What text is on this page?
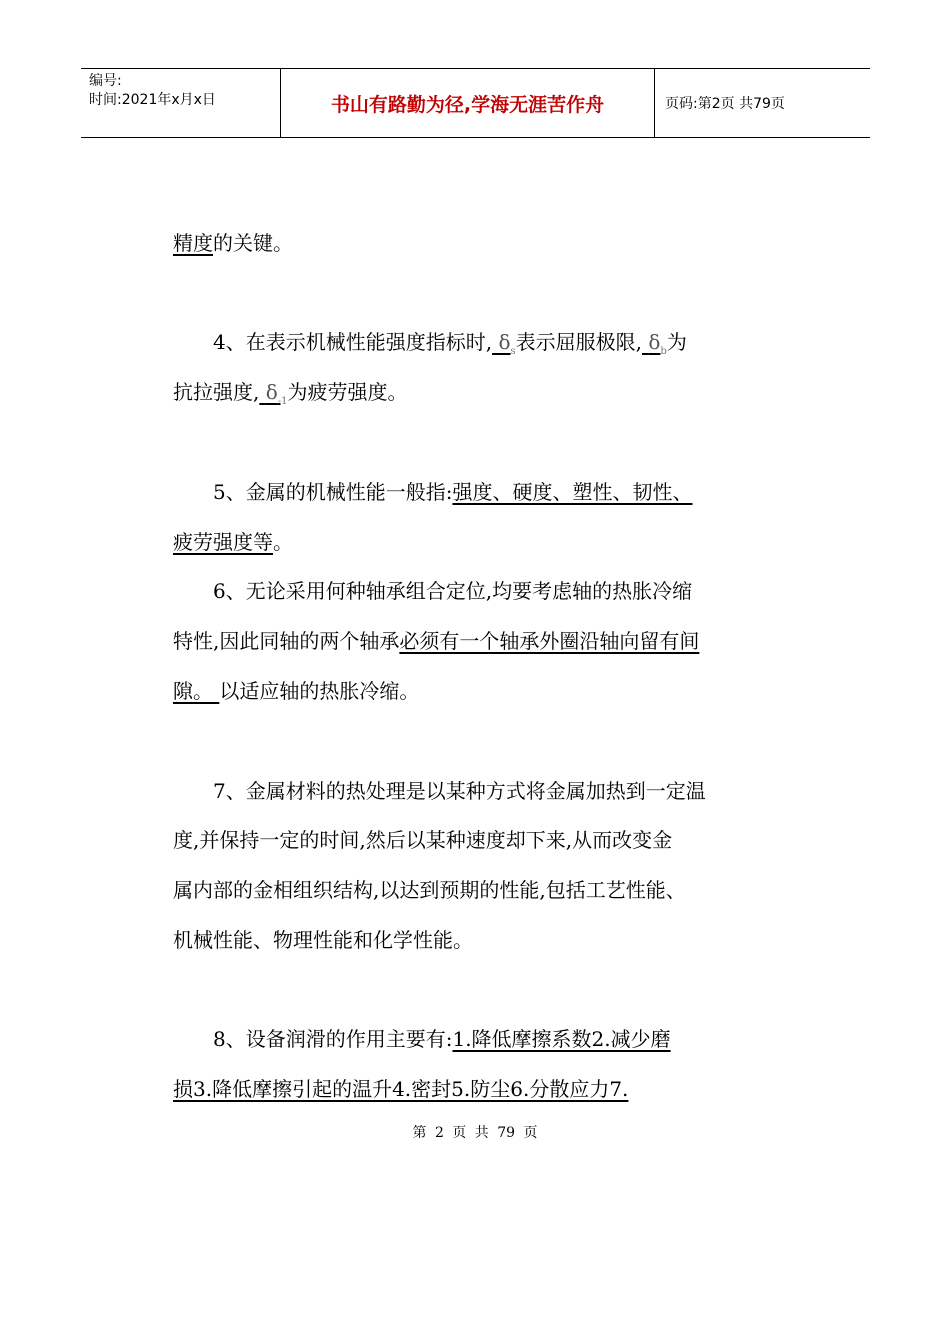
编号:
时间:2021年x月x日	书山有路勤为径,学海无涯苦作舟	页码:第2页 共79页
精度的关键。
4、在表示机械性能强度指标时, $\delta_s$表示屈服极限, $\delta_b$为
抗拉强度, $\delta_{-1}$为疲劳强度。
5、金属的机械性能一般指:强度、硬度、塑性、韧性、
疲劳强度等。
6、无论采用何种轴承组合定位,均要考虑轴的热胀冷缩
特性,因此同轴的两个轴承必须有一个轴承外圈沿轴向留有间
隙。 以适应轴的热胀冷缩。
7、金属材料的热处理是以某种方式将金属加热到一定温
度,并保持一定的时间,然后以某种速度却下来,从而改变金
属内部的金相组织结构,以达到预期的性能,包括工艺性能、
机械性能、物理性能和化学性能。
8、设备润滑的作用主要有:1.降低摩擦系数2.减少磨
损3.降低摩擦引起的温升4.密封5.防尘6.分散应力7.
第 2 页 共 79 页
